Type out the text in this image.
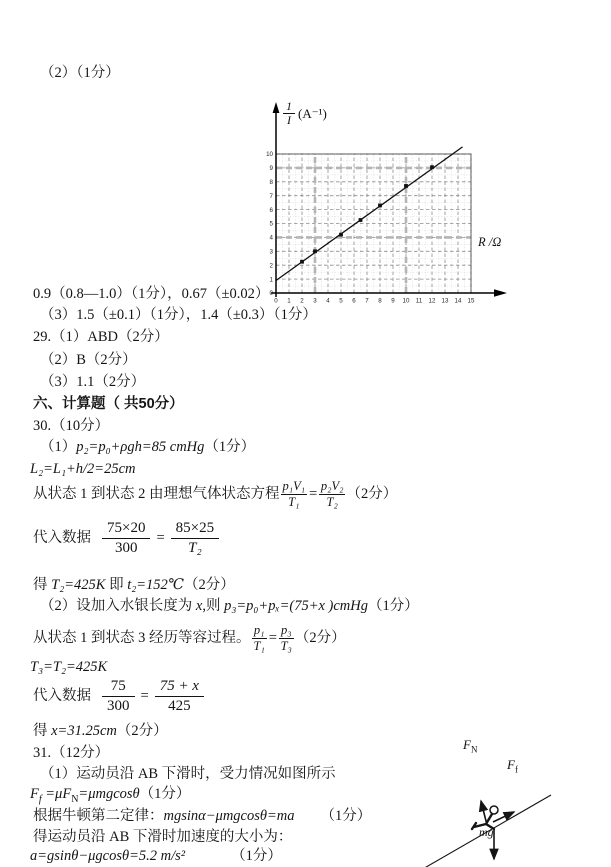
（2）（1分）
0 1 2 3 4 5 6 7 8 9 10 11 12 13 14 15
0
1
2
3
4
5
6
7
8
9
10
1
I (A⁻¹)
R /Ω
0.9（0.8—1.0）（1分），0.67（±0.02）
（3）1.5（±0.1）（1分），1.4（±0.3）（1分）
29.（1）ABD（2分）
（2）B（2分）
（3）1.1（2分）
六、计算题（ 共50分）
30.（10分）
（1）p₂=p₀+ρgh=85 cmHg（1分）
L₂=L₁+h/2=25cm
从状态 1 到状态 2 由理想气体状态方程 $\frac{\text{p₁V₁}}{\text{T₁}} = \frac{\text{p₂V₂}}{\text{T₂}} (2$分）
代入数据 $\frac{75\times 20}{300} = \frac{85\times 25}{\text{T₂}}$
得 T₂=425K 即 t₂=152℃（2分）
（2）设加入水银长度为 x,则 p₃=p₀+pₓ=(75+x )cmHg（1分）
从状态 1 到状态 3 经历等容过程。 $\frac{\text{p₁}}{\text{T₁}} = \frac{\text{p₃}}{\text{T₃}} (2$分）
T₃=T₂=425K
代入数据 $\frac{75}{300} = \frac{75 + x}{425}$
得 x=31.25cm（2分）
31.（12分）
（1）运动员沿 AB 下滑时，受力情况如图所示
$F_f =\mu F_N=\mu mgcos\theta(1$分）
根据牛顿第二定律：mgsinα−μmgcosθ=ma （1分）
得运动员沿 AB 下滑时加速度的大小为：
a=gsinθ−μgcosθ=5.2 m/s²	（1分）
$F_N$
$F_f$
mg
